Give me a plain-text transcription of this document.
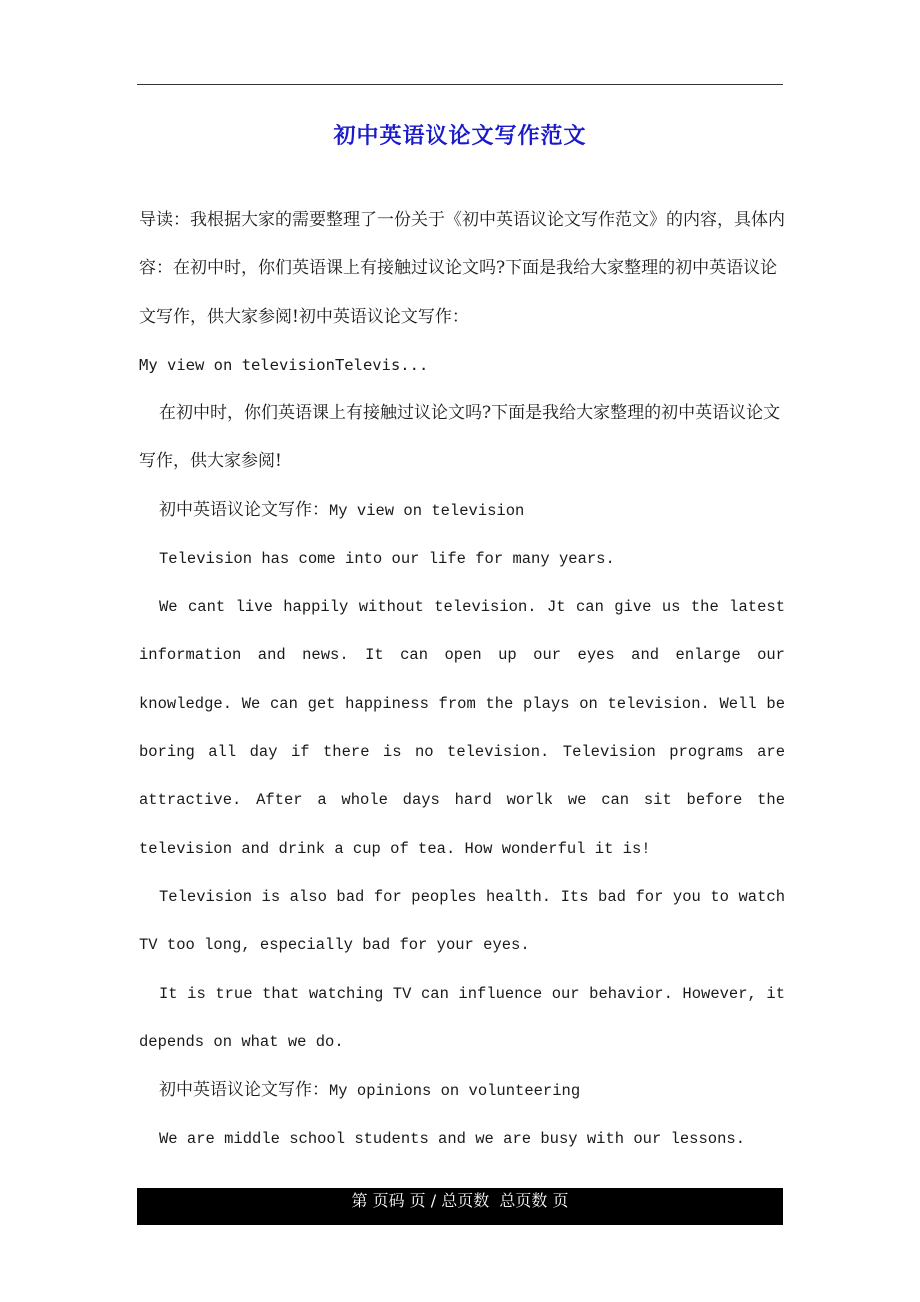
初中英语议论文写作范文

导读：我根据大家的需要整理了一份关于《初中英语议论文写作范文》的内容，具体内容：在初中时，你们英语课上有接触过议论文吗?下面是我给大家整理的初中英语议论文写作，供大家参阅!初中英语议论文写作：

My view on televisionTelevis...

在初中时，你们英语课上有接触过议论文吗?下面是我给大家整理的初中英语议论文写作，供大家参阅!

初中英语议论文写作：My view on television

Television has come into our life for many years.

We cant live happily without television. Jt can give us the latest information and news. It can open up our eyes and enlarge our knowledge. We can get happiness from the plays on television. Well be boring all day if there is no television. Television programs are attractive. After a whole days hard worlk we can sit before the television and drink a cup of tea. How wonderful it is!

Television is also bad for peoples health. Its bad for you to watch TV too long, especially bad for your eyes.

It is true that watching TV can influence our behavior. However, it depends on what we do.

初中英语议论文写作：My opinions on volunteering

We are middle school students and we are busy with our lessons.

第 页码 页 / 总页数  总页数 页
